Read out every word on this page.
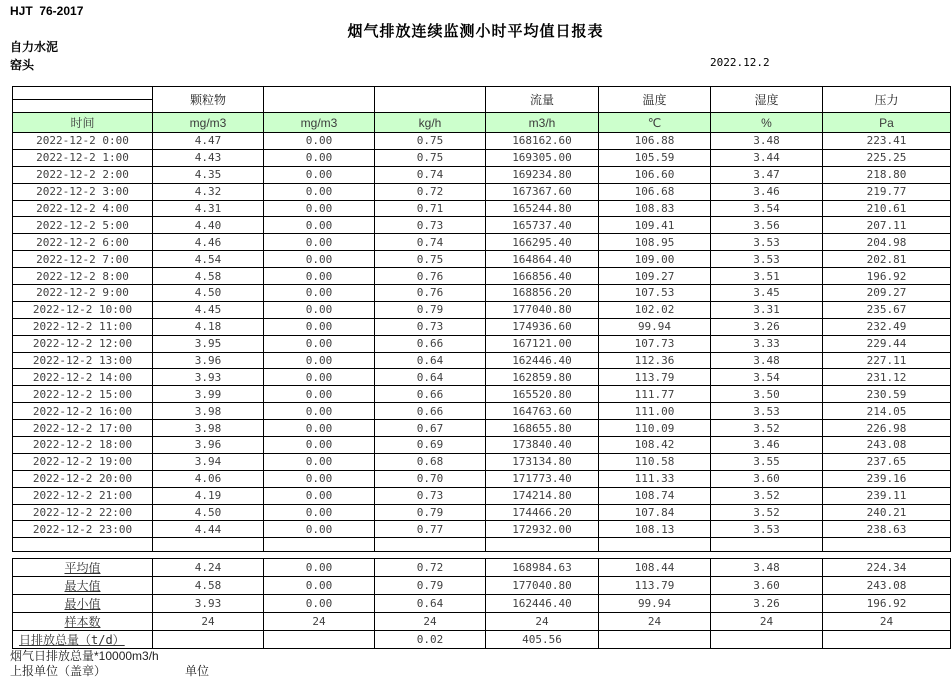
HJT  76-2017
烟气排放连续监测小时平均值日报表
自力水泥
窑头	2022.12.2
	颗粒物			流量	温度	湿度	压力

时间	mg/m3	mg/m3	kg/h	m3/h	℃	%	Pa
2022-12-2 0:00	4.47	0.00	0.75	168162.60	106.88	3.48	223.41
2022-12-2 1:00	4.43	0.00	0.75	169305.00	105.59	3.44	225.25
2022-12-2 2:00	4.35	0.00	0.74	169234.80	106.60	3.47	218.80
2022-12-2 3:00	4.32	0.00	0.72	167367.60	106.68	3.46	219.77
2022-12-2 4:00	4.31	0.00	0.71	165244.80	108.83	3.54	210.61
2022-12-2 5:00	4.40	0.00	0.73	165737.40	109.41	3.56	207.11
2022-12-2 6:00	4.46	0.00	0.74	166295.40	108.95	3.53	204.98
2022-12-2 7:00	4.54	0.00	0.75	164864.40	109.00	3.53	202.81
2022-12-2 8:00	4.58	0.00	0.76	166856.40	109.27	3.51	196.92
2022-12-2 9:00	4.50	0.00	0.76	168856.20	107.53	3.45	209.27
2022-12-2 10:00	4.45	0.00	0.79	177040.80	102.02	3.31	235.67
2022-12-2 11:00	4.18	0.00	0.73	174936.60	99.94	3.26	232.49
2022-12-2 12:00	3.95	0.00	0.66	167121.00	107.73	3.33	229.44
2022-12-2 13:00	3.96	0.00	0.64	162446.40	112.36	3.48	227.11
2022-12-2 14:00	3.93	0.00	0.64	162859.80	113.79	3.54	231.12
2022-12-2 15:00	3.99	0.00	0.66	165520.80	111.77	3.50	230.59
2022-12-2 16:00	3.98	0.00	0.66	164763.60	111.00	3.53	214.05
2022-12-2 17:00	3.98	0.00	0.67	168655.80	110.09	3.52	226.98
2022-12-2 18:00	3.96	0.00	0.69	173840.40	108.42	3.46	243.08
2022-12-2 19:00	3.94	0.00	0.68	173134.80	110.58	3.55	237.65
2022-12-2 20:00	4.06	0.00	0.70	171773.40	111.33	3.60	239.16
2022-12-2 21:00	4.19	0.00	0.73	174214.80	108.74	3.52	239.11
2022-12-2 22:00	4.50	0.00	0.79	174466.20	107.84	3.52	240.21
2022-12-2 23:00	4.44	0.00	0.77	172932.00	108.13	3.53	238.63

平均值	4.24	0.00	0.72	168984.63	108.44	3.48	224.34
最大值	4.58	0.00	0.79	177040.80	113.79	3.60	243.08
最小值	3.93	0.00	0.64	162446.40	99.94	3.26	196.92
样本数	24	24	24	24	24	24	24
日排放总量（t/d）			0.02	405.56			
烟气日排放总量*10000m3/h
上报单位（盖章）	单位
